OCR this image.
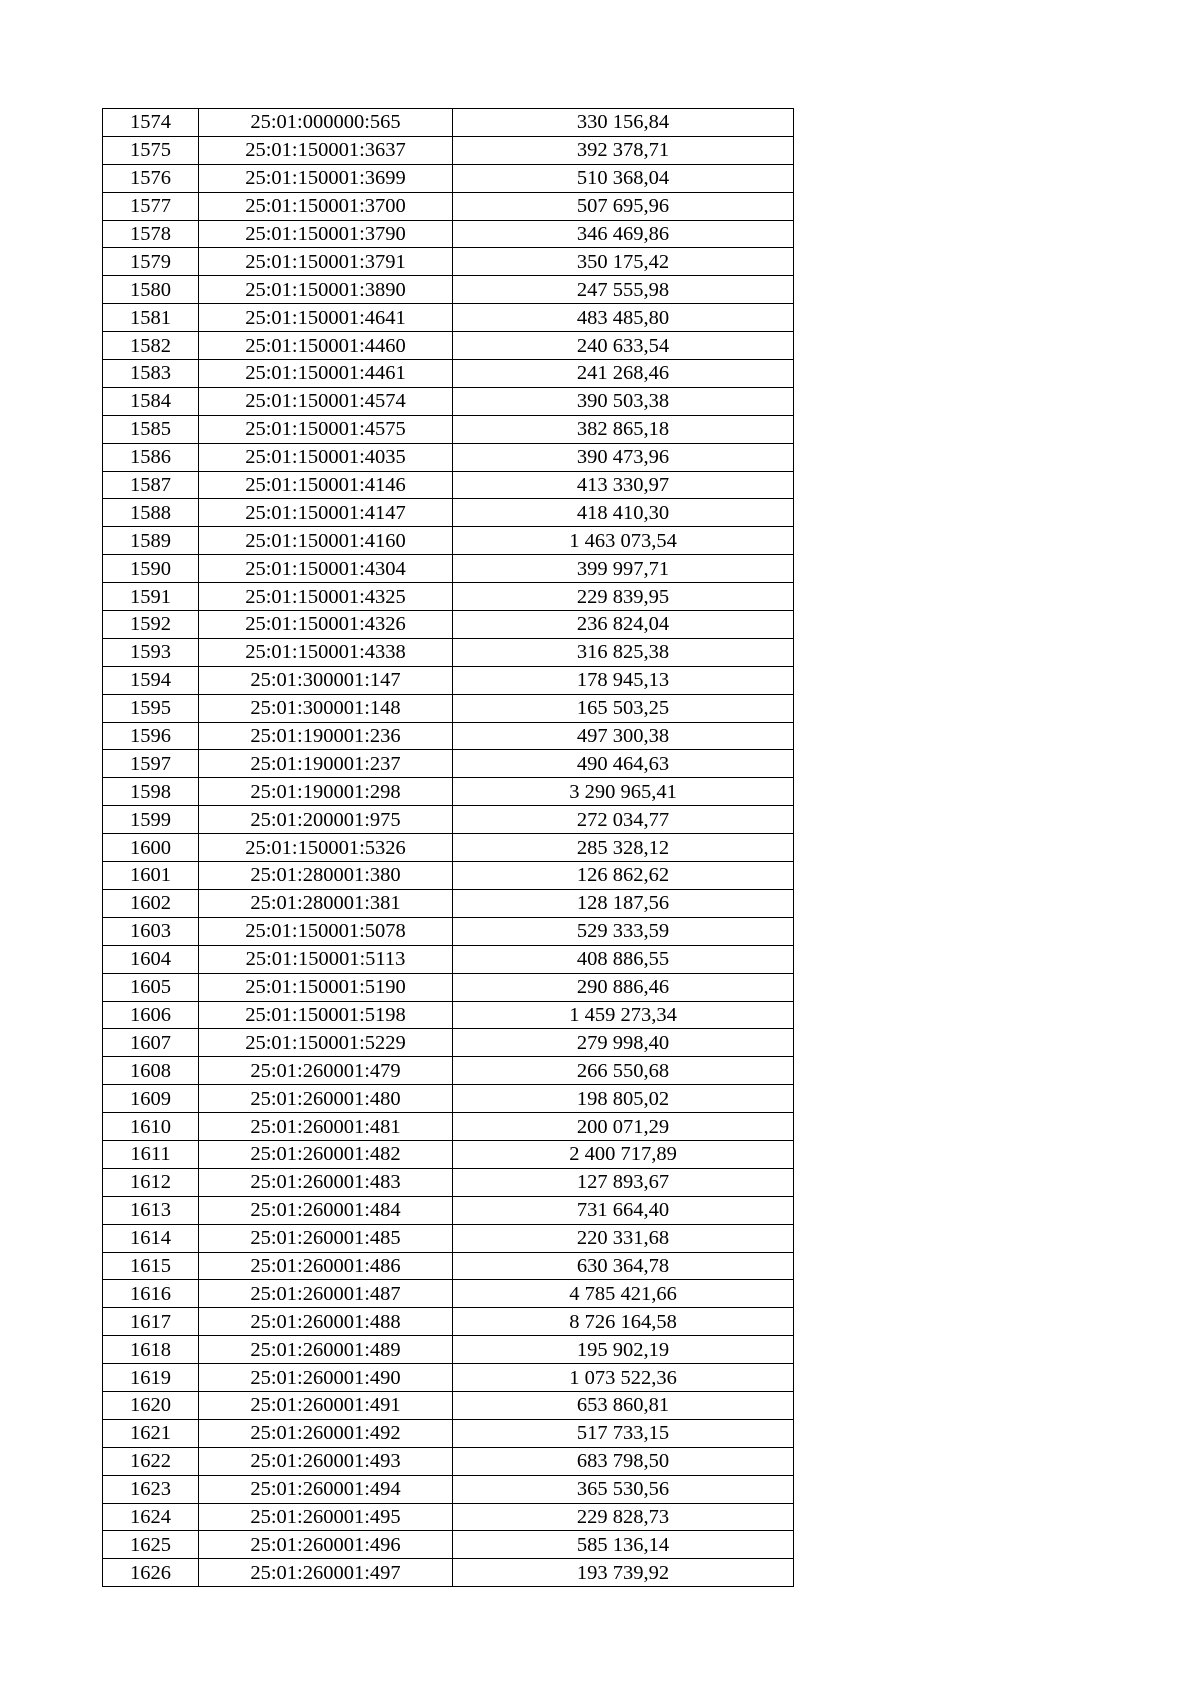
1574	25:01:000000:565	330 156,84
1575	25:01:150001:3637	392 378,71
1576	25:01:150001:3699	510 368,04
1577	25:01:150001:3700	507 695,96
1578	25:01:150001:3790	346 469,86
1579	25:01:150001:3791	350 175,42
1580	25:01:150001:3890	247 555,98
1581	25:01:150001:4641	483 485,80
1582	25:01:150001:4460	240 633,54
1583	25:01:150001:4461	241 268,46
1584	25:01:150001:4574	390 503,38
1585	25:01:150001:4575	382 865,18
1586	25:01:150001:4035	390 473,96
1587	25:01:150001:4146	413 330,97
1588	25:01:150001:4147	418 410,30
1589	25:01:150001:4160	1 463 073,54
1590	25:01:150001:4304	399 997,71
1591	25:01:150001:4325	229 839,95
1592	25:01:150001:4326	236 824,04
1593	25:01:150001:4338	316 825,38
1594	25:01:300001:147	178 945,13
1595	25:01:300001:148	165 503,25
1596	25:01:190001:236	497 300,38
1597	25:01:190001:237	490 464,63
1598	25:01:190001:298	3 290 965,41
1599	25:01:200001:975	272 034,77
1600	25:01:150001:5326	285 328,12
1601	25:01:280001:380	126 862,62
1602	25:01:280001:381	128 187,56
1603	25:01:150001:5078	529 333,59
1604	25:01:150001:5113	408 886,55
1605	25:01:150001:5190	290 886,46
1606	25:01:150001:5198	1 459 273,34
1607	25:01:150001:5229	279 998,40
1608	25:01:260001:479	266 550,68
1609	25:01:260001:480	198 805,02
1610	25:01:260001:481	200 071,29
1611	25:01:260001:482	2 400 717,89
1612	25:01:260001:483	127 893,67
1613	25:01:260001:484	731 664,40
1614	25:01:260001:485	220 331,68
1615	25:01:260001:486	630 364,78
1616	25:01:260001:487	4 785 421,66
1617	25:01:260001:488	8 726 164,58
1618	25:01:260001:489	195 902,19
1619	25:01:260001:490	1 073 522,36
1620	25:01:260001:491	653 860,81
1621	25:01:260001:492	517 733,15
1622	25:01:260001:493	683 798,50
1623	25:01:260001:494	365 530,56
1624	25:01:260001:495	229 828,73
1625	25:01:260001:496	585 136,14
1626	25:01:260001:497	193 739,92
